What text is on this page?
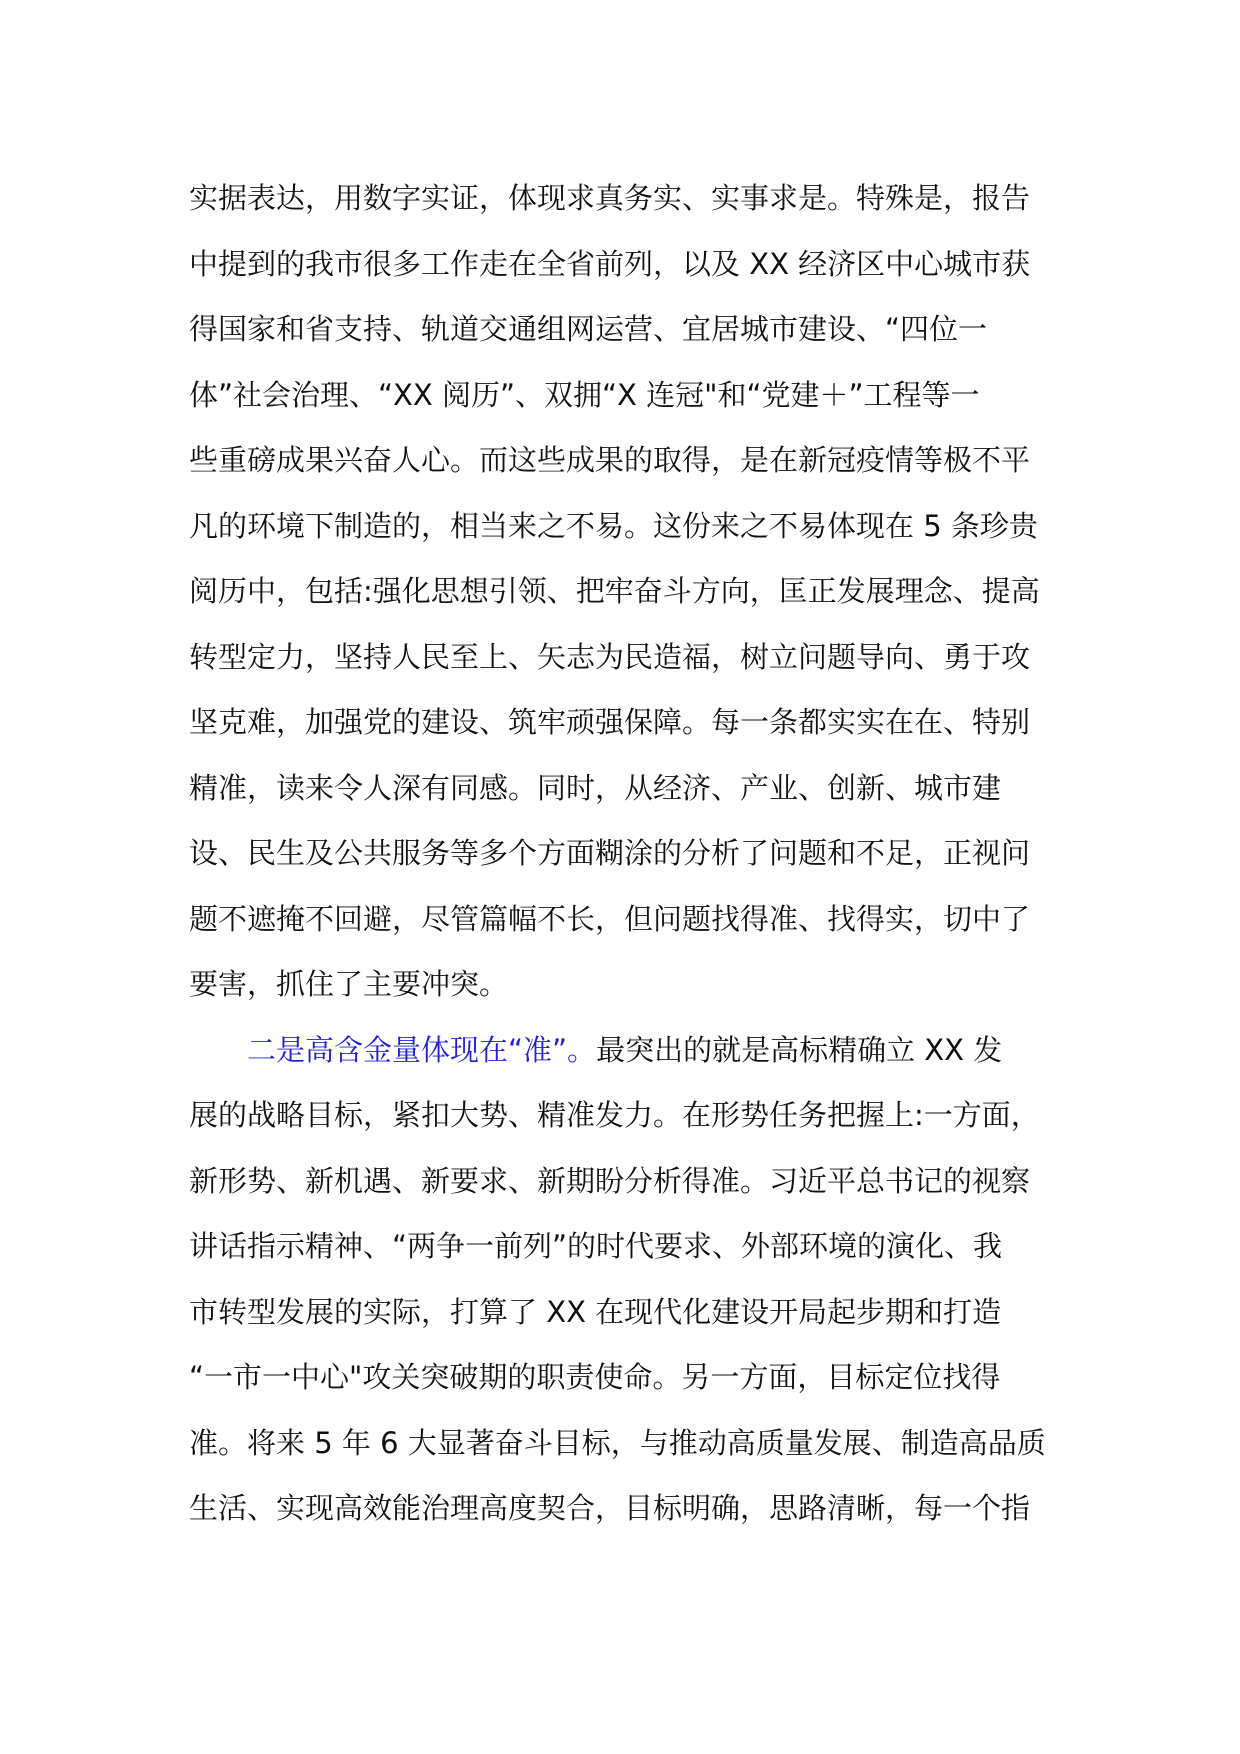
实据表达，用数字实证，体现求真务实、实事求是。特殊是，报告
中提到的我市很多工作走在全省前列，以及 XX 经济区中心城市获
得国家和省支持、轨道交通组网运营、宜居城市建设、“四位一
体”社会治理、“XX 阅历”、双拥“X 连冠"和“党建＋”工程等一
些重磅成果兴奋人心。而这些成果的取得，是在新冠疫情等极不平
凡的环境下制造的，相当来之不易。这份来之不易体现在 5 条珍贵
阅历中，包括:强化思想引领、把牢奋斗方向，匡正发展理念、提高
转型定力，坚持人民至上、矢志为民造福，树立问题导向、勇于攻
坚克难，加强党的建设、筑牢顽强保障。每一条都实实在在、特别
精准，读来令人深有同感。同时，从经济、产业、创新、城市建
设、民生及公共服务等多个方面糊涂的分析了问题和不足，正视问
题不遮掩不回避，尽管篇幅不长，但问题找得准、找得实，切中了
要害，抓住了主要冲突。
二是高含金量体现在“准”。最突出的就是高标精确立 XX 发
展的战略目标，紧扣大势、精准发力。在形势任务把握上:一方面，
新形势、新机遇、新要求、新期盼分析得准。习近平总书记的视察
讲话指示精神、“两争一前列”的时代要求、外部环境的演化、我
市转型发展的实际，打算了 XX 在现代化建设开局起步期和打造
“一市一中心"攻关突破期的职责使命。另一方面，目标定位找得
准。将来 5 年 6 大显著奋斗目标，与推动高质量发展、制造高品质
生活、实现高效能治理高度契合，目标明确，思路清晰，每一个指
